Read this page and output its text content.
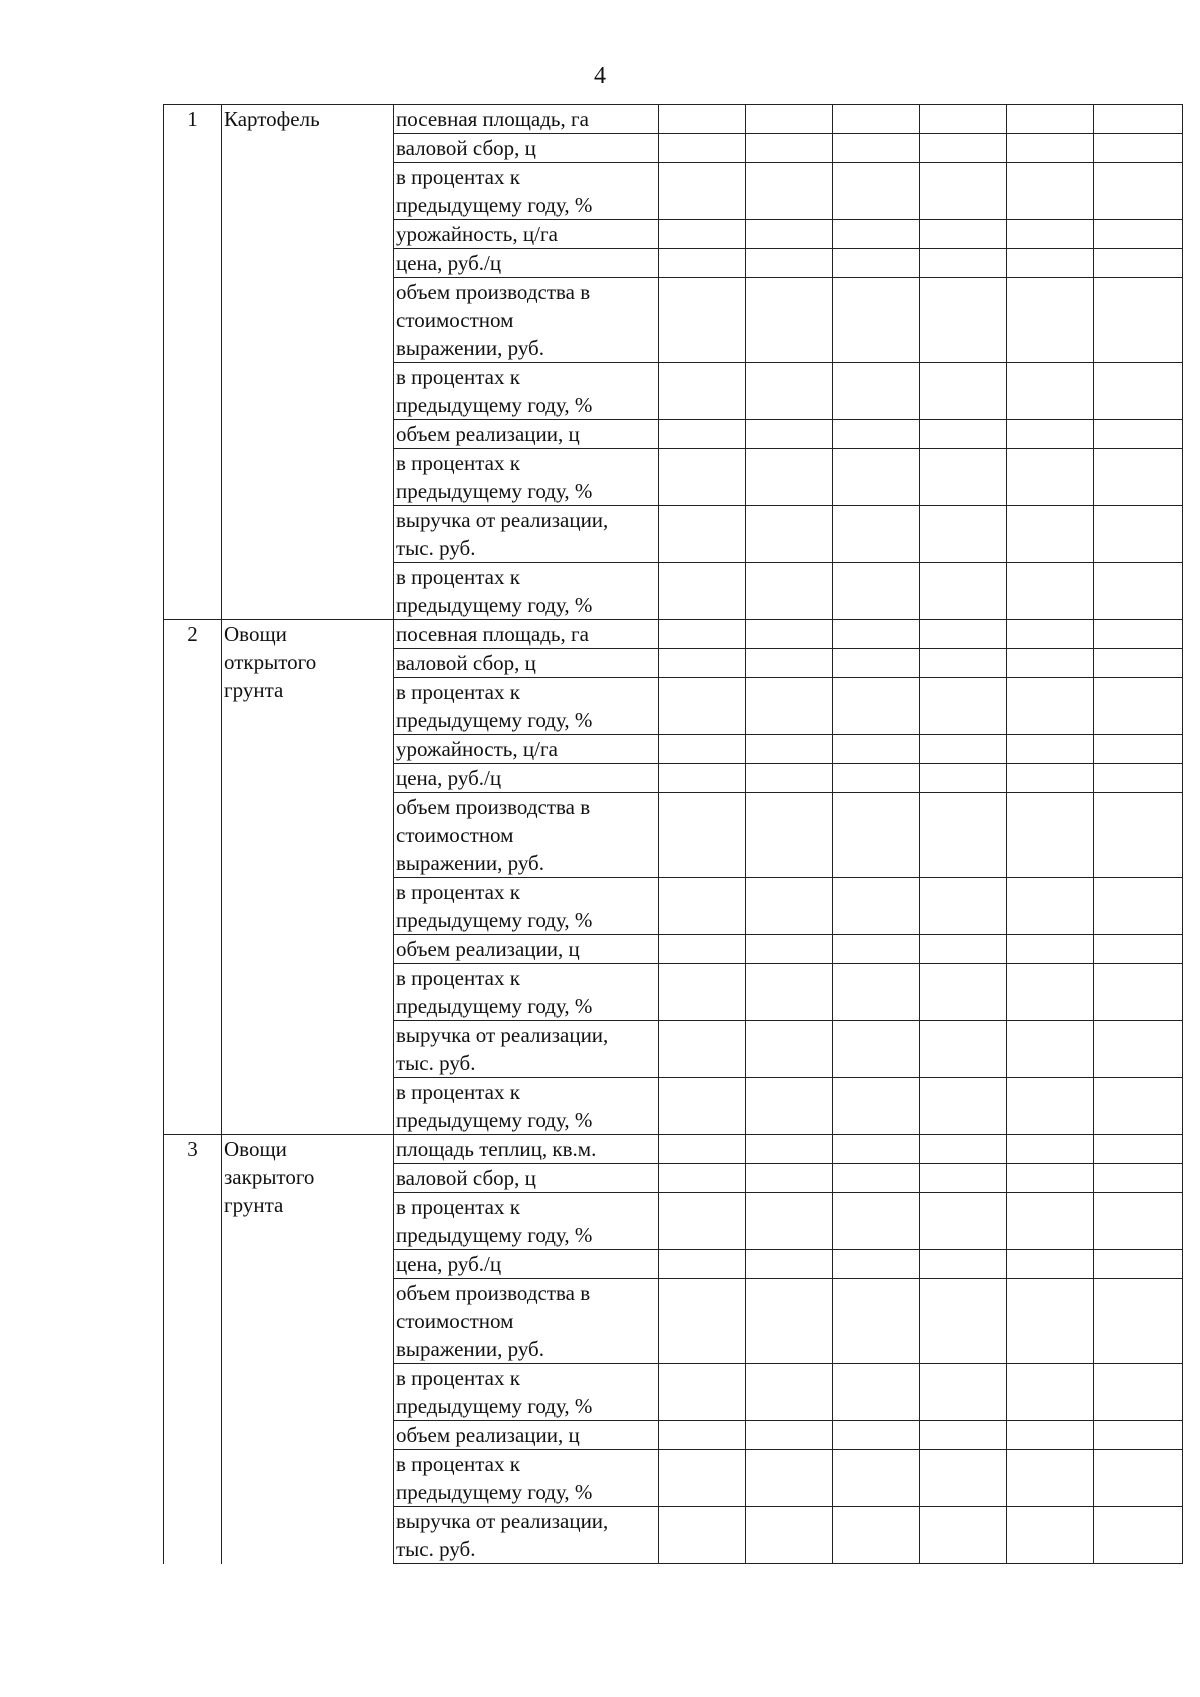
4
1	Картофель	посевная площадь, га						
		валовой сбор, ц						
		в процентах к
предыдущему году, %						
		урожайность, ц/га						
		цена, руб./ц						
		объем производства в
стоимостном
выражении, руб.						
		в процентах к
предыдущему году, %						
		объем реализации, ц						
		в процентах к
предыдущему году, %						
		выручка от реализации,
тыс. руб.						
		в процентах к
предыдущему году, %						
2	Овощи
открытого
грунта	посевная площадь, га						
		валовой сбор, ц						
		в процентах к
предыдущему году, %						
		урожайность, ц/га						
		цена, руб./ц						
		объем производства в
стоимостном
выражении, руб.						
		в процентах к
предыдущему году, %						
		объем реализации, ц						
		в процентах к
предыдущему году, %						
		выручка от реализации,
тыс. руб.						
		в процентах к
предыдущему году, %						
3	Овощи
закрытого
грунта	площадь теплиц, кв.м.						
		валовой сбор, ц						
		в процентах к
предыдущему году, %						
		цена, руб./ц						
		объем производства в
стоимостном
выражении, руб.						
		в процентах к
предыдущему году, %						
		объем реализации, ц						
		в процентах к
предыдущему году, %						
		выручка от реализации,
тыс. руб.						
